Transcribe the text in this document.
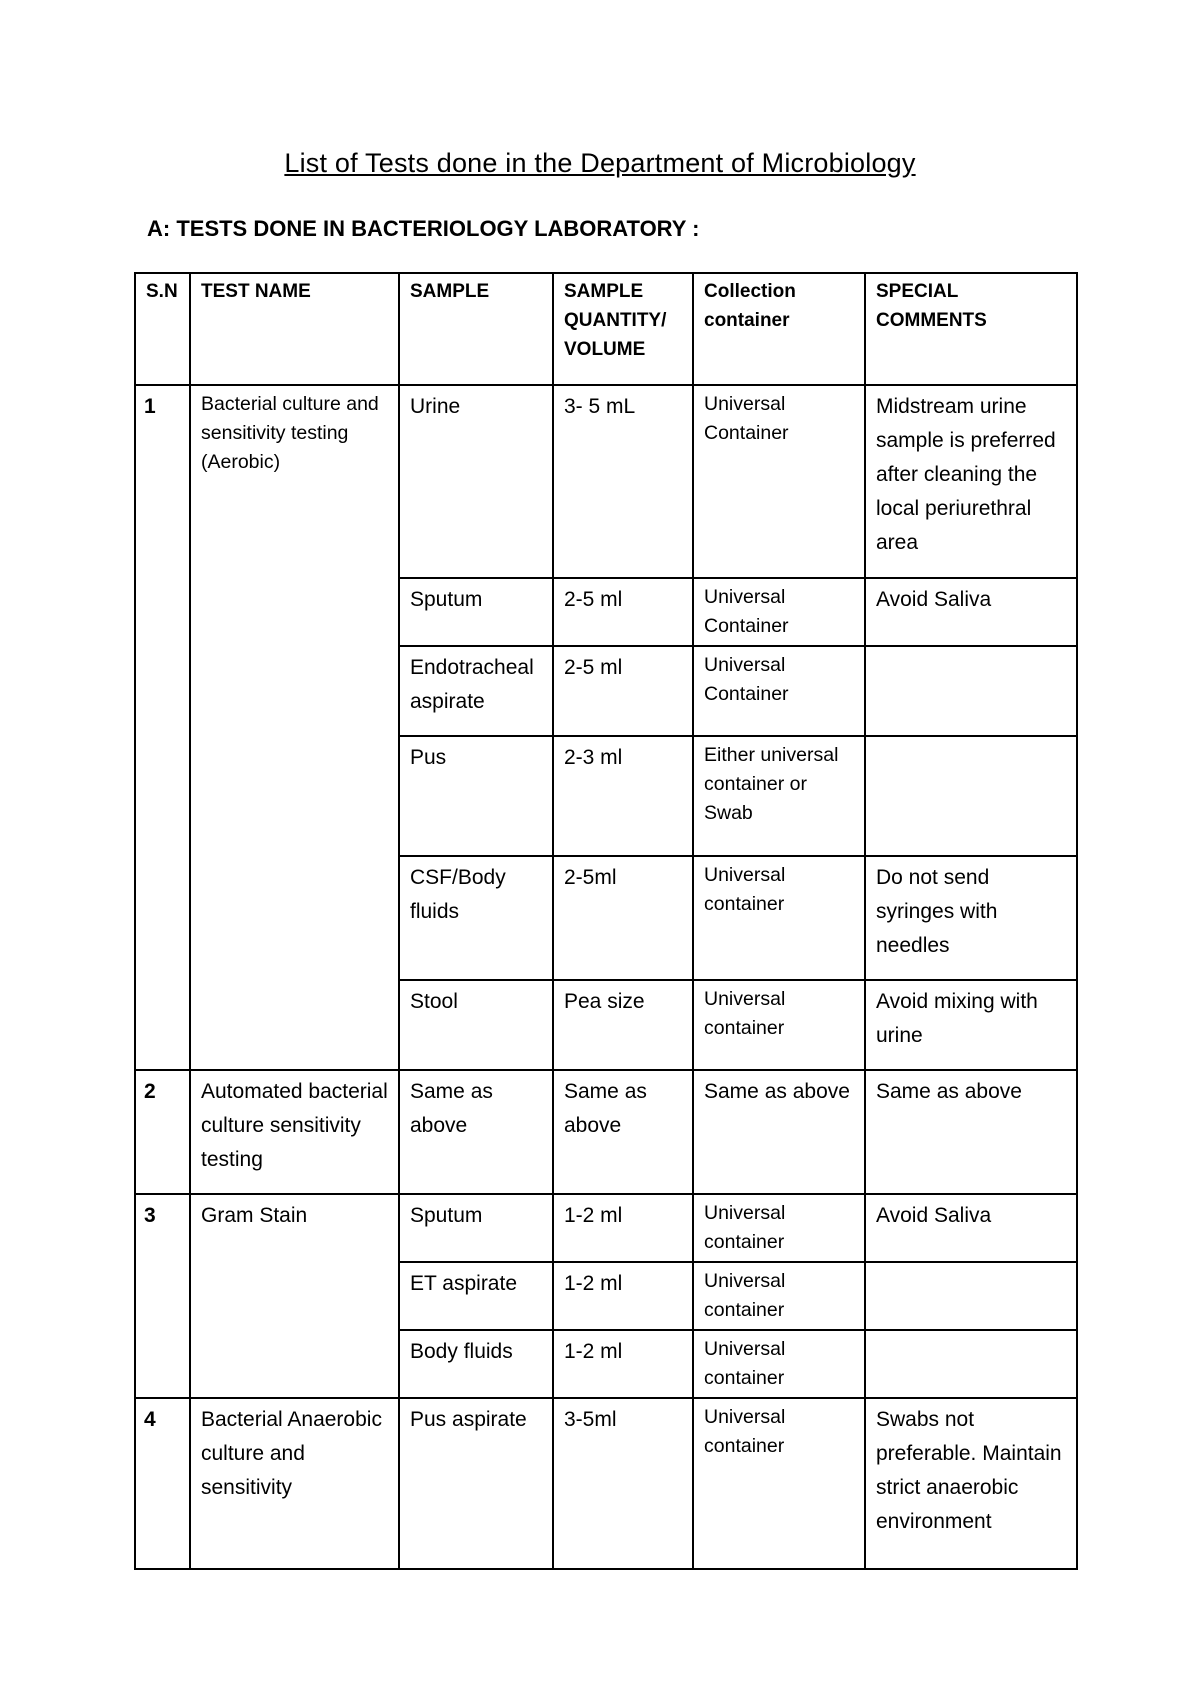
List of Tests done in the Department of Microbiology
A: TESTS DONE IN BACTERIOLOGY LABORATORY :
S.N	TEST NAME	SAMPLE	SAMPLE QUANTITY/ VOLUME	Collection container	SPECIAL COMMENTS
1	Bacterial culture and sensitivity testing (Aerobic)	Urine	3- 5 mL	Universal Container	Midstream urine sample is preferred after cleaning the local periurethral area
		Sputum	2-5 ml	Universal Container	Avoid Saliva
		Endotracheal aspirate	2-5 ml	Universal Container	
		Pus	2-3 ml	Either universal container or Swab	
		CSF/Body fluids	2-5ml	Universal container	Do not send syringes with needles
		Stool	Pea size	Universal container	Avoid mixing with urine
2	Automated bacterial culture sensitivity testing	Same as above	Same as above	Same as above	Same as above
3	Gram Stain	Sputum	1-2 ml	Universal container	Avoid Saliva
		ET aspirate	1-2 ml	Universal container	
		Body fluids	1-2 ml	Universal container	
4	Bacterial Anaerobic culture and sensitivity	Pus aspirate	3-5ml	Universal container	Swabs not preferable. Maintain strict anaerobic environment
